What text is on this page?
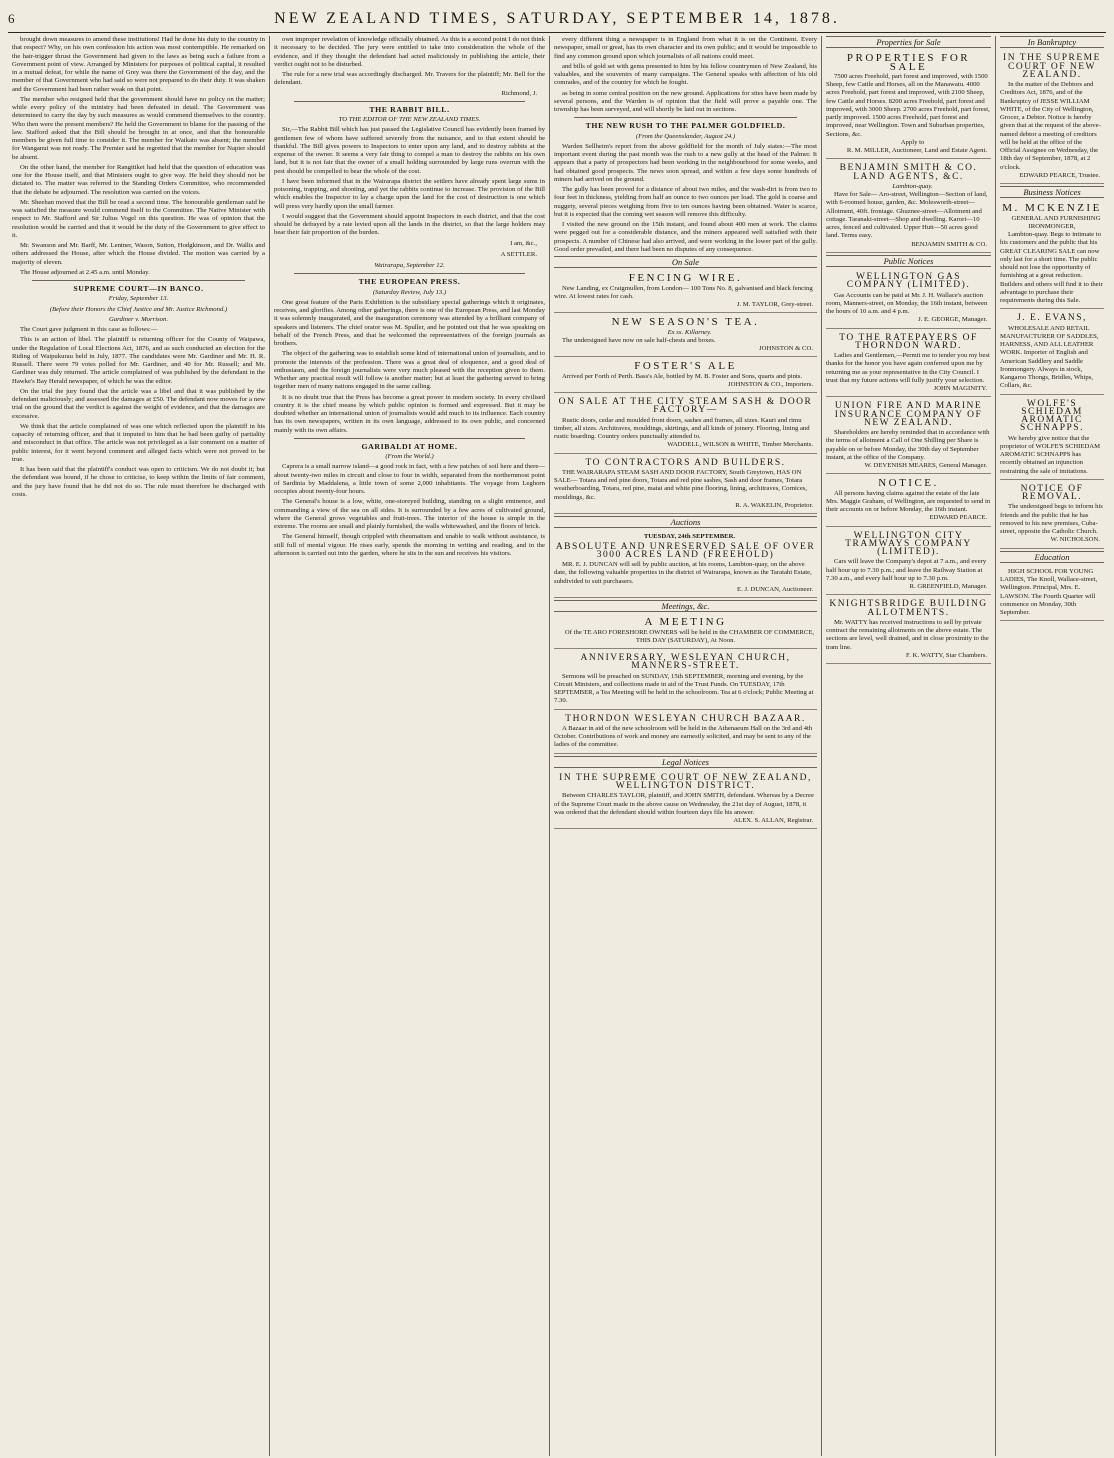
6	NEW ZEALAND TIMES, SATURDAY, SEPTEMBER 14, 1878.

brought down measures to amend these institutions! Had he done his duty to the country in that respect? Why, on his own confession his action was most contemptible. He remarked on the hair-trigger thrust the Government had given to the laws as being such a failure from a Government point of view. Arranged by Ministers for purposes of political capital, it resulted in a mutual defeat, for while the name of Grey was there the Government of the day, and the member of that Government who had said so were not prepared to do their duty. It was shaken and the Government had been rather weak on that point.

The member who resigned held that the government should have no policy on the matter; while every policy of the ministry had been defeated in detail. The Government was determined to carry the day by such measures as would commend themselves to the country. Who then were the present members? He held the Government to blame for the passing of the law. Stafford asked that the Bill should be brought in at once, and that the honourable members be given full time to consider it. The member for Waikato was absent; the member for Wanganui was not ready. The Premier said he regretted that the member for Napier should be absent.

On the other hand, the member for Rangitikei had held that the question of education was one for the House itself, and that Ministers ought to give way. He held they should not be dictated to. The matter was referred to the Standing Orders Committee, who recommended that the debate be adjourned. The resolution was carried on the voices.

Mr. Sheehan moved that the Bill be read a second time. The honourable gentleman said he was satisfied the measure would commend itself to the Committee. The Native Minister with respect to Mr. Stafford and Sir Julius Vogel on this question. He was of opinion that the resolution would be carried and that it would be the duty of the Government to give effect to it.

Mr. Swanson and Mr. Barff, Mr. Lentner, Wason, Sutton, Hodgkinson, and Dr. Wallis and others addressed the House, after which the House divided. The motion was carried by a majority of eleven.

The House adjourned at 2.45 a.m. until Monday.

SUPREME COURT—IN BANCO.
Friday, September 13.
(Before their Honors the Chief Justice and Mr. Justice Richmond.)
Gardiner v. Morrison.

The Court gave judgment in this case as follows:—

This is an action of libel. The plaintiff is returning officer for the County of Waipawa, under the Regulation of Local Elections Act, 1876, and as such conducted an election for the Riding of Waipukurau held in July, 1877. The candidates were Mr. Gardiner and Mr. H. R. Russell. There were 79 votes polled for Mr. Gardiner, and 40 for Mr. Russell; and Mr. Gardiner was duly returned. The article complained of was published by the defendant in the Hawke's Bay Herald newspaper, of which he was the editor.

On the trial the jury found that the article was a libel and that it was published by the defendant maliciously; and assessed the damages at £50. The defendant now moves for a new trial on the ground that the verdict is against the weight of evidence, and that the damages are excessive.

We think that the article complained of was one which reflected upon the plaintiff in his capacity of returning officer, and that it imputed to him that he had been guilty of partiality and misconduct in that office. The article was not privileged as a fair comment on a matter of public interest, for it went beyond comment and alleged facts which were not proved to be true.

It has been said that the plaintiff's conduct was open to criticism. We do not doubt it; but the defendant was bound, if he chose to criticise, to keep within the limits of fair comment, and the jury have found that he did not do so. The rule must therefore be discharged with costs.

own improper revelation of knowledge officially obtained. As this is a second point I do not think it necessary to be decided. The jury were entitled to take into consideration the whole of the evidence, and if they thought the defendant had acted maliciously in publishing the article, their verdict ought not to be disturbed.

The rule for a new trial was accordingly discharged. Mr. Travers for the plaintiff; Mr. Bell for the defendant.

Richmond, J.
THE RABBIT BILL.
TO THE EDITOR OF THE NEW ZEALAND TIMES.

Sir,—The Rabbit Bill which has just passed the Legislative Council has evidently been framed by gentlemen few of whom have suffered severely from the nuisance, and to that extent should be thankful. The Bill gives powers to Inspectors to enter upon any land, and to destroy rabbits at the expense of the owner. It seems a very fair thing to compel a man to destroy the rabbits on his own land, but it is not fair that the owner of a small holding surrounded by large runs overrun with the pest should be compelled to bear the whole of the cost.

I have been informed that in the Wairarapa district the settlers have already spent large sums in poisoning, trapping, and shooting, and yet the rabbits continue to increase. The provision of the Bill which enables the Inspector to lay a charge upon the land for the cost of destruction is one which will press very hardly upon the small farmer.

I would suggest that the Government should appoint Inspectors in each district, and that the cost should be defrayed by a rate levied upon all the lands in the district, so that the large holders may bear their fair proportion of the burden.

I am, &c.,
A SETTLER.
Wairarapa, September 12.
THE EUROPEAN PRESS.
(Saturday Review, July 13.)

One great feature of the Paris Exhibition is the subsidiary special gatherings which it originates, receives, and glorifies. Among other gatherings, there is one of the European Press, and last Monday it was solemnly inaugurated, and the inauguration ceremony was attended by a brilliant company of speakers and listeners. The chief orator was M. Spuller, and he pointed out that he was speaking on behalf of the French Press, and that he welcomed the representatives of the foreign journals as brothers.

The object of the gathering was to establish some kind of international union of journalists, and to promote the interests of the profession. There was a great deal of eloquence, and a good deal of enthusiasm, and the foreign journalists were very much pleased with the reception given to them. Whether any practical result will follow is another matter; but at least the gathering served to bring together men of many nations engaged in the same calling.

It is no doubt true that the Press has become a great power in modern society. In every civilised country it is the chief means by which public opinion is formed and expressed. But it may be doubted whether an international union of journalists would add much to its influence. Each country has its own newspapers, written in its own language, addressed to its own public, and concerned mainly with its own affairs.

GARIBALDI AT HOME.
(From the World.)

Caprera is a small narrow island—a good rock in fact, with a few patches of soil here and there—about twenty-two miles in circuit and close to four in width, separated from the northernmost point of Sardinia by Maddalena, a little town of some 2,000 inhabitants. The voyage from Leghorn occupies about twenty-four hours.

The General's house is a low, white, one-storeyed building, standing on a slight eminence, and commanding a view of the sea on all sides. It is surrounded by a few acres of cultivated ground, where the General grows vegetables and fruit-trees. The interior of the house is simple in the extreme. The rooms are small and plainly furnished, the walls whitewashed, and the floors of brick.

The General himself, though crippled with rheumatism and unable to walk without assistance, is still full of mental vigour. He rises early, spends the morning in writing and reading, and in the afternoon is carried out into the garden, where he sits in the sun and receives his visitors.

every different thing a newspaper is in England from what it is on the Continent. Every newspaper, small or great, has its own character and its own public; and it would be impossible to find any common ground upon which journalists of all nations could meet.

and bills of gold set with gems presented to him by his fellow countrymen of New Zealand, his valuables, and the souvenirs of many campaigns. The General speaks with affection of his old comrades, and of the country for which he fought.

as being in some central position on the new ground. Applications for sites have been made by several persons, and the Warden is of opinion that the field will prove a payable one. The township has been surveyed, and will shortly be laid out in sections.

THE NEW RUSH TO THE PALMER GOLDFIELD.
(From the Queenslander, August 24.)

Warden Sellheim's report from the above goldfield for the month of July states:—The most important event during the past month was the rush to a new gully at the head of the Palmer. It appears that a party of prospectors had been working in the neighbourhood for some weeks, and had obtained good prospects. The news soon spread, and within a few days some hundreds of miners had arrived on the ground.

The gully has been proved for a distance of about two miles, and the wash-dirt is from two to four feet in thickness, yielding from half an ounce to two ounces per load. The gold is coarse and nuggety, several pieces weighing from five to ten ounces having been obtained. Water is scarce, but it is expected that the coming wet season will remove this difficulty.

I visited the new ground on the 15th instant, and found about 400 men at work. The claims were pegged out for a considerable distance, and the miners appeared well satisfied with their prospects. A number of Chinese had also arrived, and were working in the lower part of the gully. Good order prevailed, and there had been no disputes of any consequence.

On Sale
FENCING WIRE.

New Landing, ex Craigmullen, from London— 100 Tons No. 8, galvanised and black fencing wire. At lowest rates for cash.

J. M. TAYLOR, Grey-street.

NEW SEASON'S TEA.

Ex ss. Killarney.

The undersigned have now on sale half-chests and boxes.

JOHNSTON & CO.

FOSTER'S ALE

Arrived per Forth of Perth. Bass's Ale, bottled by M. B. Foster and Sons, quarts and pints.

JOHNSTON & CO., Importers.

ON SALE AT THE CITY STEAM SASH & DOOR FACTORY—

Rustic doors, cedar and moulded front doors, sashes and frames, all sizes. Kauri and rimu timber, all sizes. Architraves, mouldings, skirtings, and all kinds of joinery. Flooring, lining and rustic boarding. Country orders punctually attended to.

WADDELL, WILSON & WHITE, Timber Merchants.

TO CONTRACTORS AND BUILDERS.

THE WAIRARAPA STEAM SASH AND DOOR FACTORY, South Greytown, HAS ON SALE— Totara and red pine doors, Totara and red pine sashes, Sash and door frames, Totara weatherboarding, Totara, red pine, matai and white pine flooring, lining, architraves, Cornices, mouldings, &c.

R. A. WAKELIN, Proprietor.

Auctions

TUESDAY, 24th SEPTEMBER.

ABSOLUTE AND UNRESERVED SALE OF OVER 3000 ACRES LAND (FREEHOLD)

MR. E. J. DUNCAN will sell by public auction, at his rooms, Lambton-quay, on the above date, the following valuable properties in the district of Wairarapa, known as the Taratahi Estate, subdivided to suit purchasers.

E. J. DUNCAN, Auctioneer.

Meetings, &c.
A MEETING

Of the TE ARO FORESHORE OWNERS will be held in the CHAMBER OF COMMERCE, THIS DAY (SATURDAY), At Noon.

ANNIVERSARY, WESLEYAN CHURCH, MANNERS-STREET.

Sermons will be preached on SUNDAY, 15th SEPTEMBER, morning and evening, by the Circuit Ministers, and collections made in aid of the Trust Funds. On TUESDAY, 17th SEPTEMBER, a Tea Meeting will be held in the schoolroom. Tea at 6 o'clock; Public Meeting at 7.30.

THORNDON WESLEYAN CHURCH BAZAAR.

A Bazaar in aid of the new schoolroom will be held in the Athenaeum Hall on the 3rd and 4th October. Contributions of work and money are earnestly solicited, and may be sent to any of the ladies of the committee.

Legal Notices
IN THE SUPREME COURT OF NEW ZEALAND, WELLINGTON DISTRICT.

Between CHARLES TAYLOR, plaintiff, and JOHN SMITH, defendant. Whereas by a Decree of the Supreme Court made in the above cause on Wednesday, the 21st day of August, 1878, it was ordered that the defendant should within fourteen days file his answer.

ALEX. S. ALLAN, Registrar.

Properties for Sale
PROPERTIES FOR SALE

7500 acres Freehold, part forest and improved, with 1500 Sheep, few Cattle and Horses, all on the Manawatu. 4000 acres Freehold, part forest and improved, with 2100 Sheep, few Cattle and Horses. 8200 acres Freehold, part forest and improved, with 3000 Sheep. 2700 acres Freehold, part forest, partly improved. 1500 acres Freehold, part forest and improved, near Wellington. Town and Suburban properties, Sections, &c.

Apply to

R. M. MILLER, Auctioneer, Land and Estate Agent.

BENJAMIN SMITH & CO. LAND AGENTS, &C.

Lambton-quay.

Have for Sale— Aro-street, Wellington—Section of land, with 6-roomed house, garden, &c. Molesworth-street—Allotment, 40ft. frontage. Ghuznee-street—Allotment and cottage. Taranaki-street—Shop and dwelling. Karori—10 acres, fenced and cultivated. Upper Hutt—50 acres good land. Terms easy.

BENJAMIN SMITH & CO.

Public Notices
WELLINGTON GAS COMPANY (LIMITED).

Gas Accounts can be paid at Mr. J. H. Wallace's auction room, Manners-street, on Monday, the 16th instant, between the hours of 10 a.m. and 4 p.m.

J. E. GEORGE, Manager.

TO THE RATEPAYERS OF THORNDON WARD.

Ladies and Gentlemen,—Permit me to tender you my best thanks for the honor you have again conferred upon me by returning me as your representative in the City Council. I trust that my future actions will fully justify your selection.

JOHN MAGINITY.

UNION FIRE AND MARINE INSURANCE COMPANY OF NEW ZEALAND.

Shareholders are hereby reminded that in accordance with the terms of allotment a Call of One Shilling per Share is payable on or before Monday, the 30th day of September instant, at the office of the Company.

W. DEVENISH MEARES, General Manager.

NOTICE.

All persons having claims against the estate of the late Mrs. Maggie Graham, of Wellington, are requested to send in their accounts on or before Monday, the 16th instant.

EDWARD PEARCE.

WELLINGTON CITY TRAMWAYS COMPANY (LIMITED).

Cars will leave the Company's depot at 7 a.m., and every half hour up to 7.30 p.m.; and leave the Railway Station at 7.30 a.m., and every half hour up to 7.30 p.m.

R. GREENFIELD, Manager.

KNIGHTSBRIDGE BUILDING ALLOTMENTS.

Mr. WATTY has received instructions to sell by private contract the remaining allotments on the above estate. The sections are level, well drained, and in close proximity to the tram line.

F. K. WATTY, Star Chambers.

In Bankruptcy
IN THE SUPREME COURT OF NEW ZEALAND.

In the matter of the Debtors and Creditors Act, 1876, and of the Bankruptcy of JESSE WILLIAM WHITE, of the City of Wellington, Grocer, a Debtor. Notice is hereby given that at the request of the above-named debtor a meeting of creditors will be held at the office of the Official Assignee on Wednesday, the 18th day of September, 1878, at 2 o'clock.

EDWARD PEARCE, Trustee.

Business Notices
M. MCKENZIE

GENERAL AND FURNISHING IRONMONGER,

Lambton-quay. Begs to intimate to his customers and the public that his GREAT CLEARING SALE can now only last for a short time. The public should not lose the opportunity of furnishing at a great reduction. Builders and others will find it to their advantage to purchase their requirements during this Sale.

J. E. EVANS,

WHOLESALE AND RETAIL MANUFACTURER OF SADDLES, HARNESS, AND ALL LEATHER WORK. Importer of English and American Saddlery and Saddle Ironmongery. Always in stock, Kangaroo Thongs, Bridles, Whips, Collars, &c.

WOLFE'S SCHIEDAM AROMATIC SCHNAPPS.

We hereby give notice that the proprietor of WOLFE'S SCHIEDAM AROMATIC SCHNAPPS has recently obtained an injunction restraining the sale of imitations.

NOTICE OF REMOVAL.

The undersigned begs to inform his friends and the public that he has removed to his new premises, Cuba-street, opposite the Catholic Church.

W. NICHOLSON.

Education

HIGH SCHOOL FOR YOUNG LADIES, The Knoll, Wallace-street, Wellington. Principal, Mrs. E. LAWSON. The Fourth Quarter will commence on Monday, 30th September.
